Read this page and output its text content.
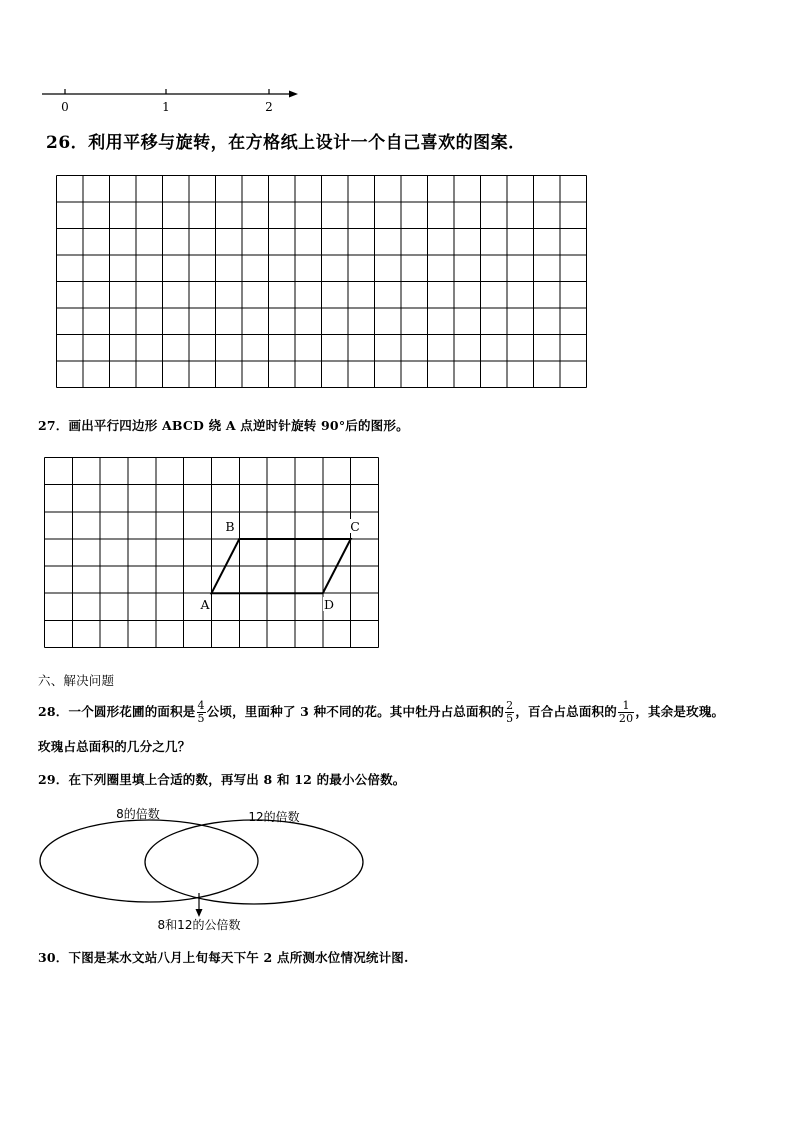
0	1	2
26．利用平移与旋转，在方格纸上设计一个自己喜欢的图案．
27．画出平行四边形 ABCD 绕 A 点逆时针旋转 90°后的图形。
B	C
A	D
六、解决问题
28．一个圆形花圃的面积是 $\frac{4}{5}$ 公顷，里面种了 3 种不同的花。其中牡丹占总面积的 $\frac{2}{5}$ ，百合占总面积的 $\frac{1}{20}$ ，其余是玫瑰。
玫瑰占总面积的几分之几？
29．在下列圈里填上合适的数，再写出 8 和 12 的最小公倍数。
8的倍数	12的倍数
8和12的公倍数
30．下图是某水文站八月上旬每天下午 2 点所测水位情况统计图.
